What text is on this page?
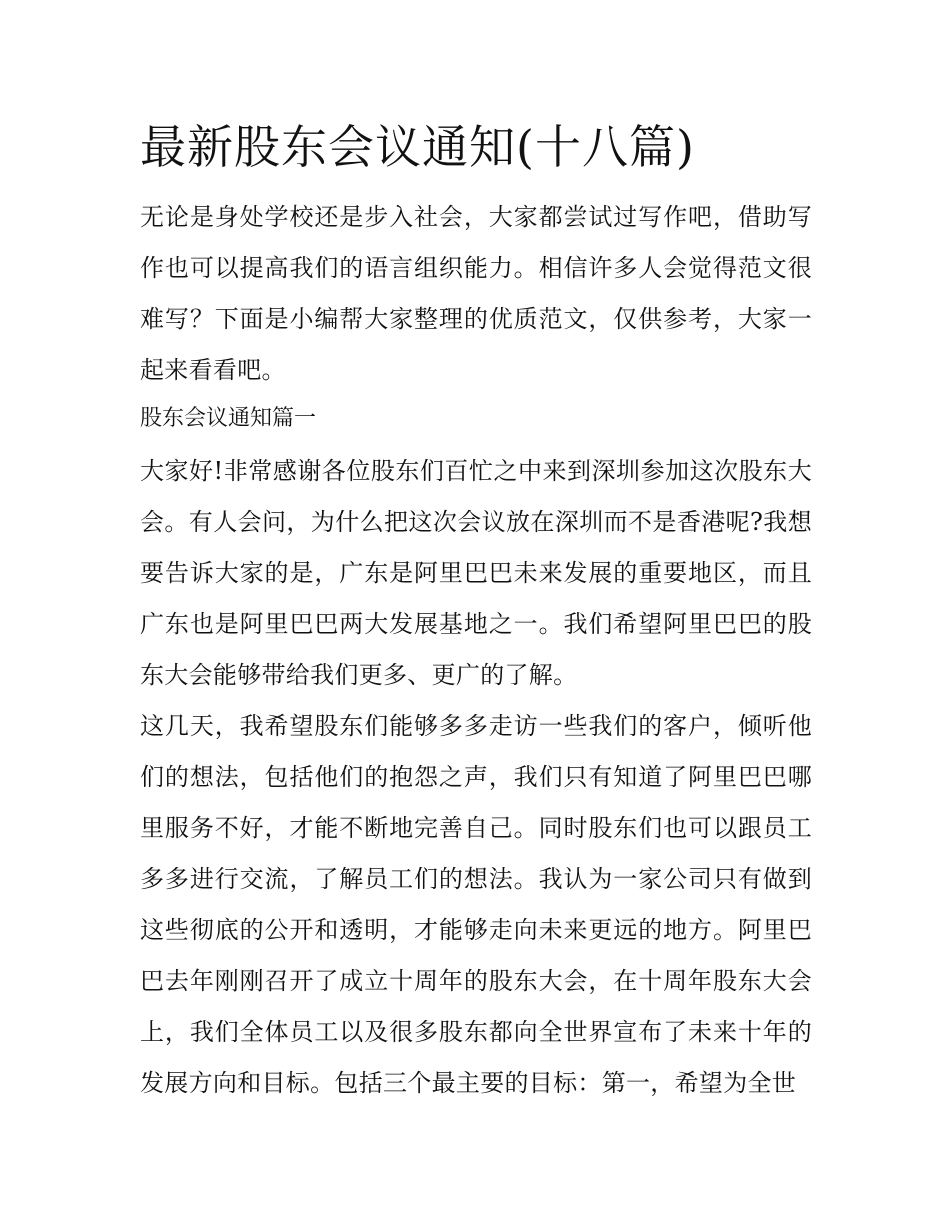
最新股东会议通知(十八篇)

无论是身处学校还是步入社会，大家都尝试过写作吧，借助写作也可以提高我们的语言组织能力。相信许多人会觉得范文很难写？下面是小编帮大家整理的优质范文，仅供参考，大家一起来看看吧。

股东会议通知篇一

大家好!非常感谢各位股东们百忙之中来到深圳参加这次股东大会。有人会问，为什么把这次会议放在深圳而不是香港呢?我想要告诉大家的是，广东是阿里巴巴未来发展的重要地区，而且广东也是阿里巴巴两大发展基地之一。我们希望阿里巴巴的股东大会能够带给我们更多、更广的了解。

这几天，我希望股东们能够多多走访一些我们的客户，倾听他们的想法，包括他们的抱怨之声，我们只有知道了阿里巴巴哪里服务不好，才能不断地完善自己。同时股东们也可以跟员工多多进行交流，了解员工们的想法。我认为一家公司只有做到这些彻底的公开和透明，才能够走向未来更远的地方。阿里巴巴去年刚刚召开了成立十周年的股东大会，在十周年股东大会上，我们全体员工以及很多股东都向全世界宣布了未来十年的发展方向和目标。包括三个最主要的目标：第一，希望为全世
